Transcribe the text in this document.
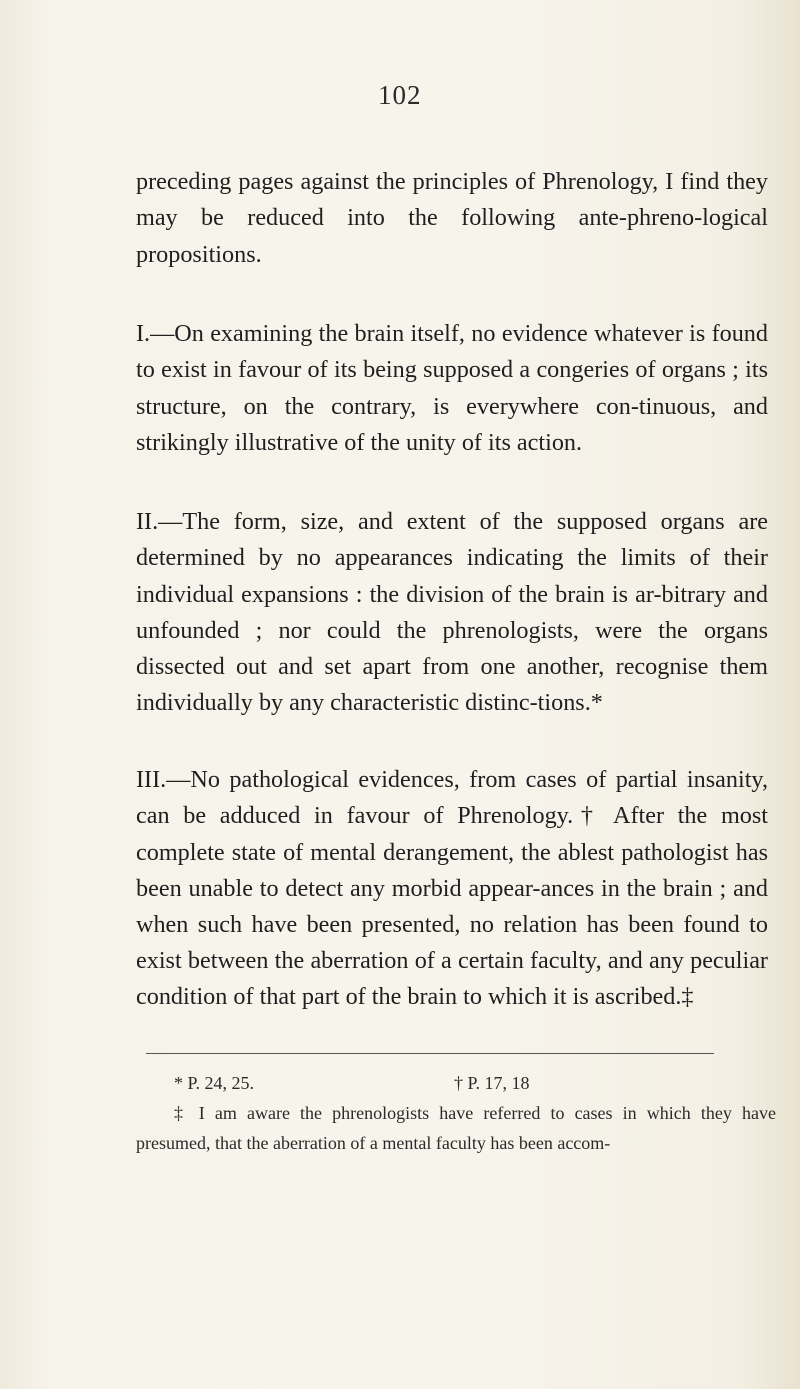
102

preceding pages against the principles of Phrenology, I find they may be reduced into the following ante-phreno-logical propositions.

I.—On examining the brain itself, no evidence whatever is found to exist in favour of its being supposed a congeries of organs ; its structure, on the contrary, is everywhere con-tinuous, and strikingly illustrative of the unity of its action.

II.—The form, size, and extent of the supposed organs are determined by no appearances indicating the limits of their individual expansions : the division of the brain is ar-bitrary and unfounded ; nor could the phrenologists, were the organs dissected out and set apart from one another, recognise them individually by any characteristic distinc-tions.*

III.—No pathological evidences, from cases of partial insanity, can be adduced in favour of Phrenology.† After the most complete state of mental derangement, the ablest pathologist has been unable to detect any morbid appear-ances in the brain ; and when such have been presented, no relation has been found to exist between the aberration of a certain faculty, and any peculiar condition of that part of the brain to which it is ascribed.‡

* P. 24, 25.	† P. 17, 18
‡ I am aware the phrenologists have referred to cases in which they have presumed, that the aberration of a mental faculty has been accom-
